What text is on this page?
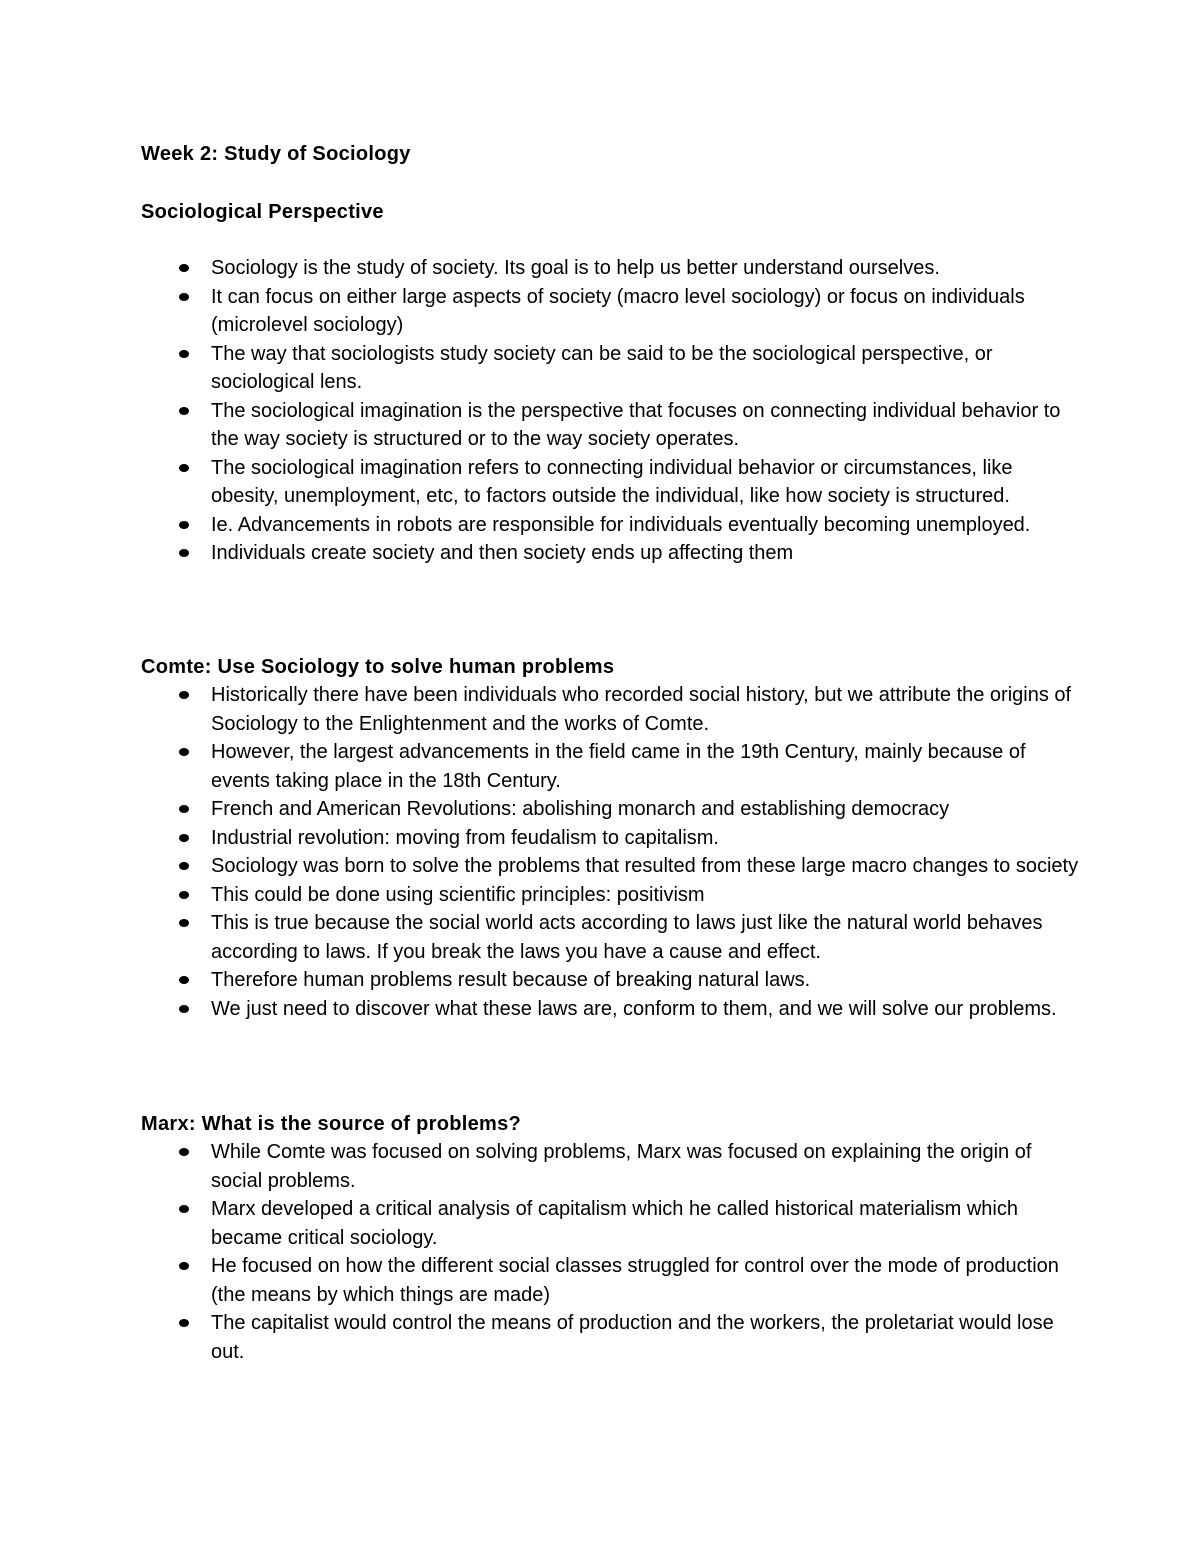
Week 2: Study of Sociology
Sociological Perspective
Sociology is the study of society. Its goal is to help us better understand ourselves.
It can focus on either large aspects of society (macro level sociology) or focus on individuals (microlevel sociology)
The way that sociologists study society can be said to be the sociological perspective, or sociological lens.
The sociological imagination is the perspective that focuses on connecting individual behavior to the way society is structured or to the way society operates.
The sociological imagination refers to connecting individual behavior or circumstances, like obesity, unemployment, etc, to factors outside the individual, like how society is structured.
Ie. Advancements in robots are responsible for individuals eventually becoming unemployed.
Individuals create society and then society ends up affecting them
Comte: Use Sociology to solve human problems
Historically there have been individuals who recorded social history, but we attribute the origins of Sociology to the Enlightenment and the works of Comte.
However, the largest advancements in the field came in the 19th Century, mainly because of events taking place in the 18th Century.
French and American Revolutions: abolishing monarch and establishing democracy
Industrial revolution: moving from feudalism to capitalism.
Sociology was born to solve the problems that resulted from these large macro changes to society
This could be done using scientific principles: positivism
This is true because the social world acts according to laws just like the natural world behaves according to laws. If you break the laws you have a cause and effect.
Therefore human problems result because of breaking natural laws.
We just need to discover what these laws are, conform to them, and we will solve our problems.
Marx: What is the source of problems?
While Comte was focused on solving problems, Marx was focused on explaining the origin of social problems.
Marx developed a critical analysis of capitalism which he called historical materialism which became critical sociology.
He focused on how the different social classes struggled for control over the mode of production (the means by which things are made)
The capitalist would control the means of production and the workers, the proletariat would lose out.
